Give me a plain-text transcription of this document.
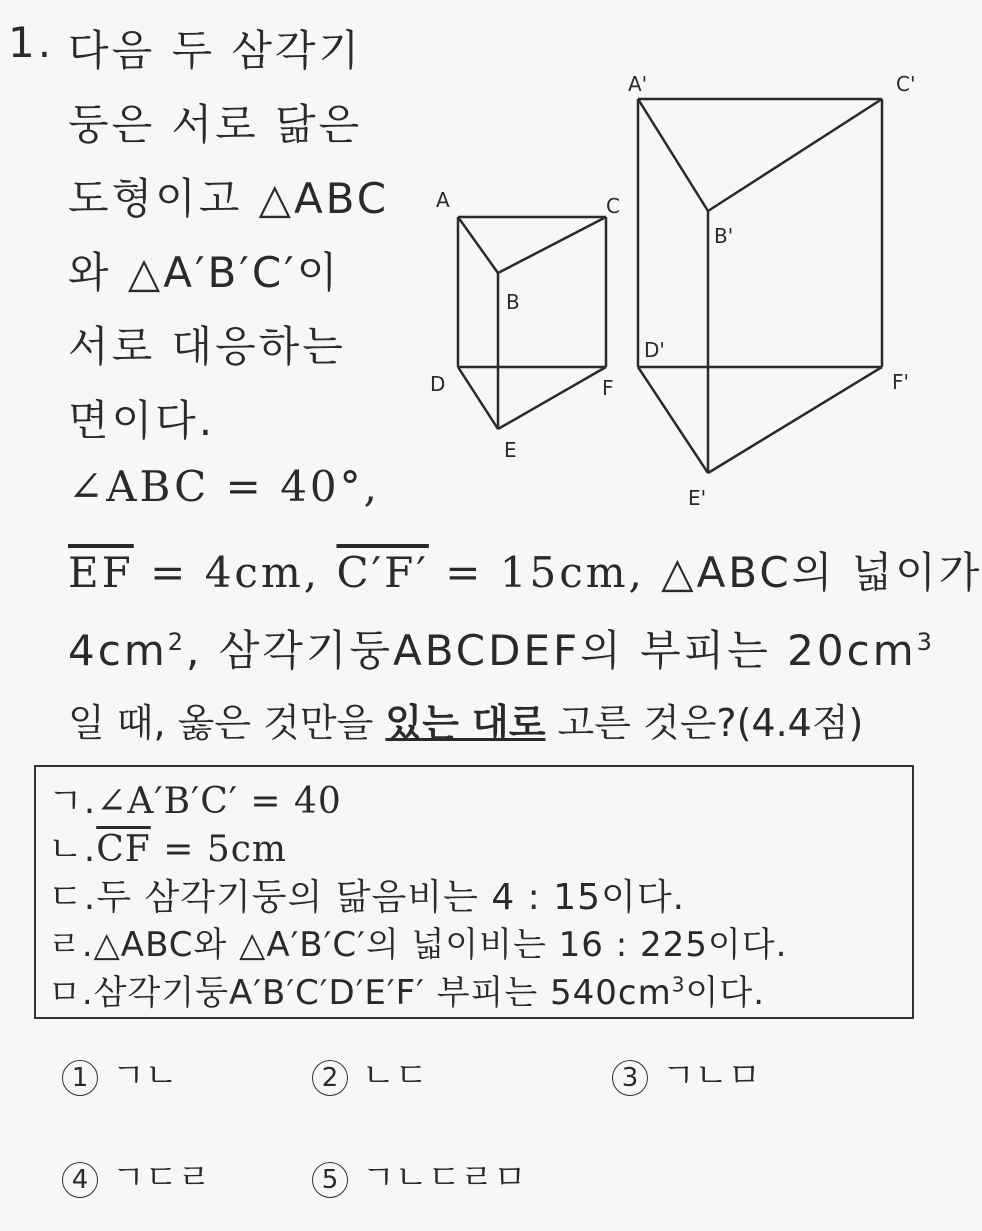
1. 다음 두 삼각기
둥은 서로 닮은
도형이고 △ABC
와 △A′B′C′이
서로 대응하는
면이다.
∠ABC = 40°,
A	C
B
D	F
E
A'	C'
B'
D'
F'
E'
$\overline{EF} = 4cm$, C′F′ = 15cm, △ABC의 넓이가
$4cm^2$, 삼각기둥ABCDEF의 부피는 $20cm^3$
일 때, 옳은 것만을 있는 대로 고른 것은?(4.4점)
ㄱ.∠A′B′C′ = 40
ㄴ$.\overline{CF} = 5cm$
ㄷ.두 삼각기둥의 닮음비는 4 : 15이다.
ㄹ.△ABC와 △A′B′C′의 넓이비는 16 : 225이다.
ㅁ.삼각기둥A′B′C′D′E′F′ 부피는 $540cm^3$이다.
1 ㄱㄴ	2 ㄴㄷ	3 ㄱㄴㅁ
4 ㄱㄷㄹ	5 ㄱㄴㄷㄹㅁ
